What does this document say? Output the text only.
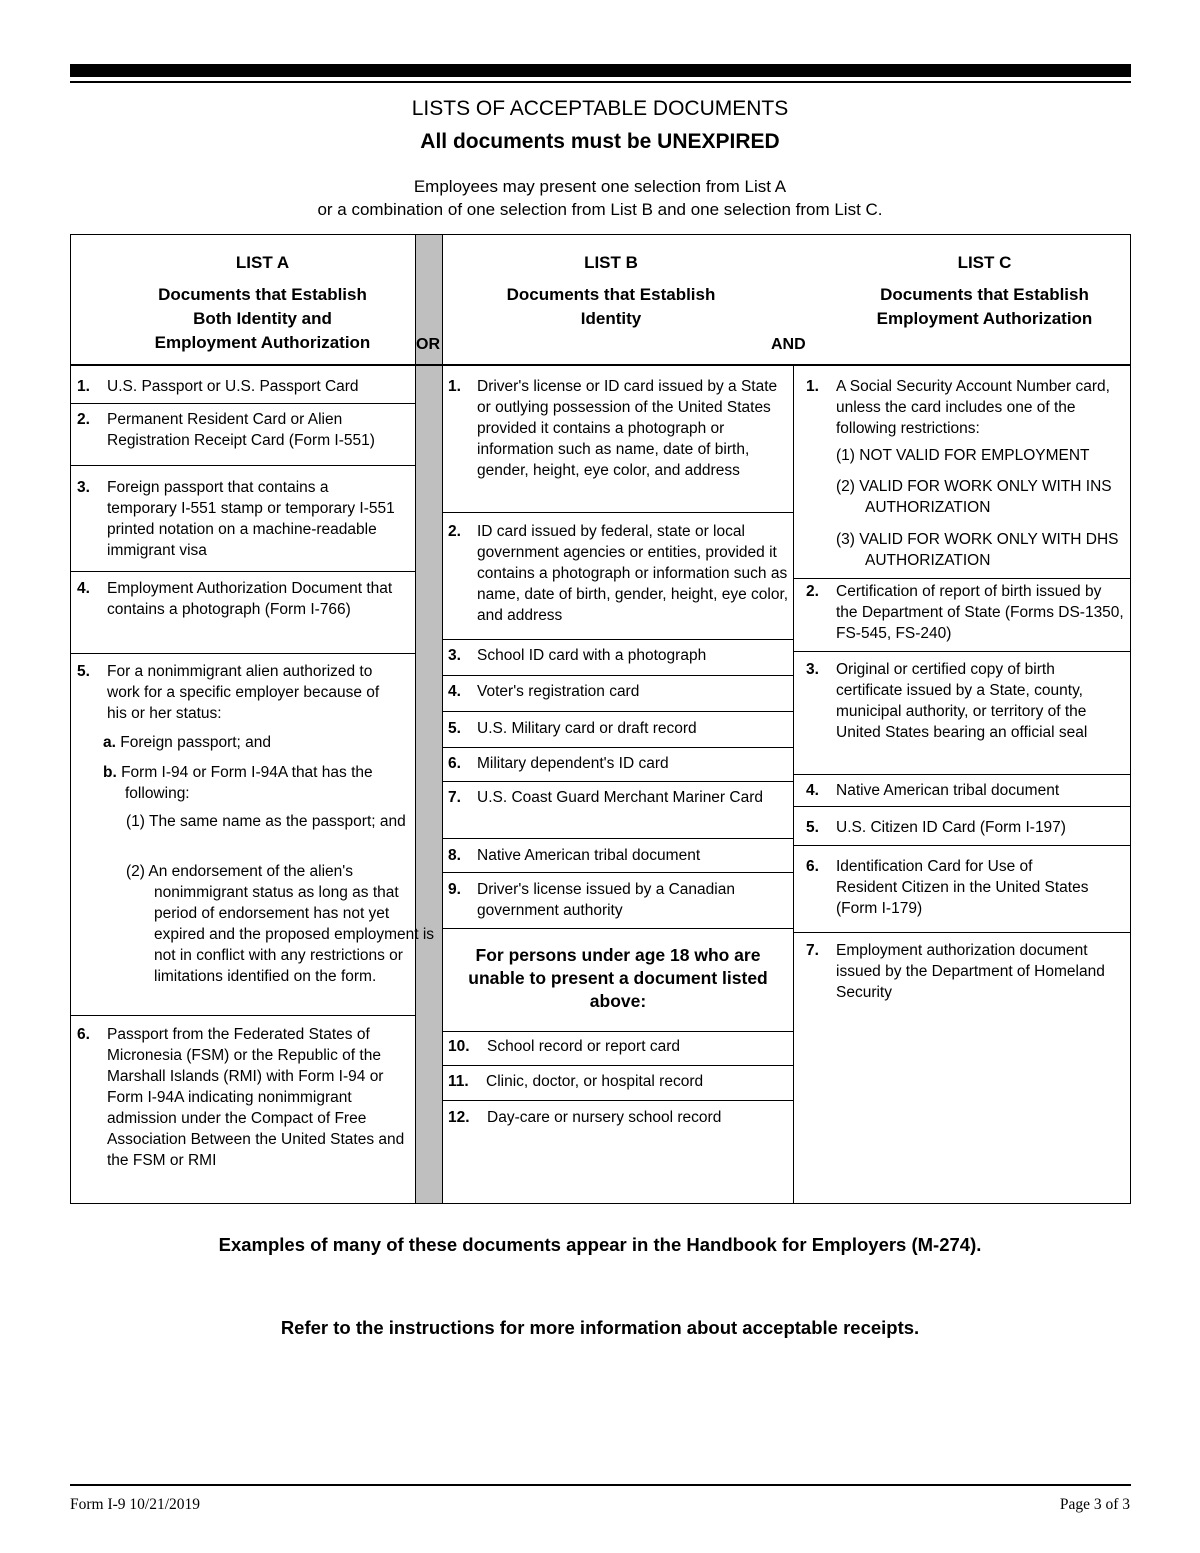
LISTS OF ACCEPTABLE DOCUMENTS
All documents must be UNEXPIRED
Employees may present one selection from List A
or a combination of one selection from List B and one selection from List C.
LIST A
Documents that Establish
Both Identity and
Employment Authorization
LIST B
Documents that Establish
Identity
LIST C
Documents that Establish
Employment Authorization
OR	AND
1. U.S. Passport or U.S. Passport Card
2. Permanent Resident Card or Alien Registration Receipt Card (Form I-551)
3. Foreign passport that contains a temporary I-551 stamp or temporary I-551 printed notation on a machine-readable immigrant visa
4. Employment Authorization Document that contains a photograph (Form I-766)
5. For a nonimmigrant alien authorized to work for a specific employer because of his or her status:
a. Foreign passport; and
b. Form I-94 or Form I-94A that has the following:
(1) The same name as the passport; and
(2) An endorsement of the alien's nonimmigrant status as long as that period of endorsement has not yet expired and the proposed employment is not in conflict with any restrictions or limitations identified on the form.
6. Passport from the Federated States of Micronesia (FSM) or the Republic of the Marshall Islands (RMI) with Form I-94 or Form I-94A indicating nonimmigrant admission under the Compact of Free Association Between the United States and the FSM or RMI
1. Driver's license or ID card issued by a State or outlying possession of the United States provided it contains a photograph or information such as name, date of birth, gender, height, eye color, and address
2. ID card issued by federal, state or local government agencies or entities, provided it contains a photograph or information such as name, date of birth, gender, height, eye color, and address
3. School ID card with a photograph
4. Voter's registration card
5. U.S. Military card or draft record
6. Military dependent's ID card
7. U.S. Coast Guard Merchant Mariner Card
8. Native American tribal document
9. Driver's license issued by a Canadian government authority
For persons under age 18 who are unable to present a document listed above:
10. School record or report card
11. Clinic, doctor, or hospital record
12. Day-care or nursery school record
1. A Social Security Account Number card, unless the card includes one of the following restrictions:
(1) NOT VALID FOR EMPLOYMENT
(2) VALID FOR WORK ONLY WITH INS AUTHORIZATION
(3) VALID FOR WORK ONLY WITH DHS AUTHORIZATION
2. Certification of report of birth issued by the Department of State (Forms DS-1350, FS-545, FS-240)
3. Original or certified copy of birth certificate issued by a State, county, municipal authority, or territory of the United States bearing an official seal
4. Native American tribal document
5. U.S. Citizen ID Card (Form I-197)
6. Identification Card for Use of Resident Citizen in the United States (Form I-179)
7. Employment authorization document issued by the Department of Homeland Security
Examples of many of these documents appear in the Handbook for Employers (M-274).
Refer to the instructions for more information about acceptable receipts.
Form I-9 10/21/2019	Page 3 of 3
